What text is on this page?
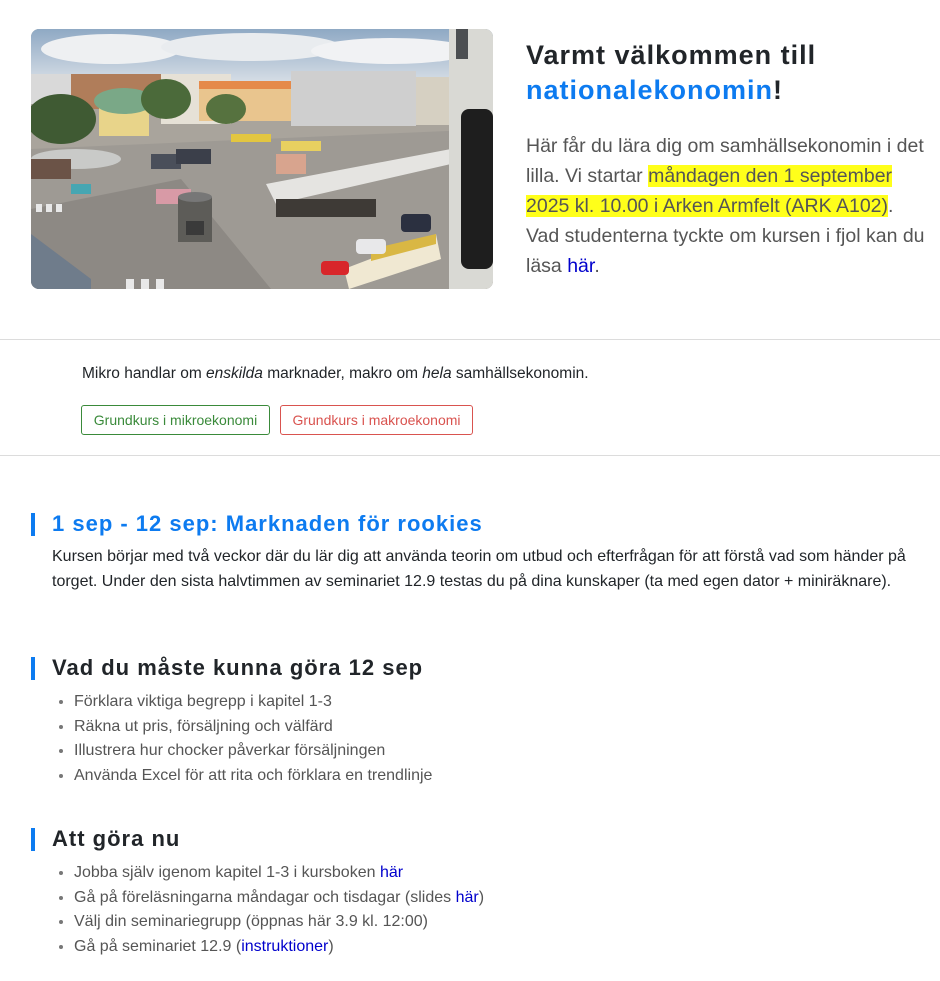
Varmt välkommen till nationalekonomin!

Här får du lära dig om samhällsekonomin i det lilla. Vi startar måndagen den 1 september 2025 kl. 10.00 i Arken Armfelt (ARK A102). Vad studenterna tyckte om kursen i fjol kan du läsa här.

Mikro handlar om enskilda marknader, makro om hela samhällsekonomin.
Grundkurs i mikroekonomi	Grundkurs i makroekonomi
1 sep - 12 sep: Marknaden för rookies

Kursen börjar med två veckor där du lär dig att använda teorin om utbud och efterfrågan för att förstå vad som händer på torget. Under den sista halvtimmen av seminariet 12.9 testas du på dina kunskaper (ta med egen dator + miniräknare).

Vad du måste kunna göra 12 sep
• Förklara viktiga begrepp i kapitel 1-3
• Räkna ut pris, försäljning och välfärd
• Illustrera hur chocker påverkar försäljningen
• Använda Excel för att rita och förklara en trendlinje
Att göra nu
• Jobba själv igenom kapitel 1-3 i kursboken här
• Gå på föreläsningarna måndagar och tisdagar (slides här)
• Välj din seminariegrupp (öppnas här 3.9 kl. 12:00)
• Gå på seminariet 12.9 (instruktioner)
